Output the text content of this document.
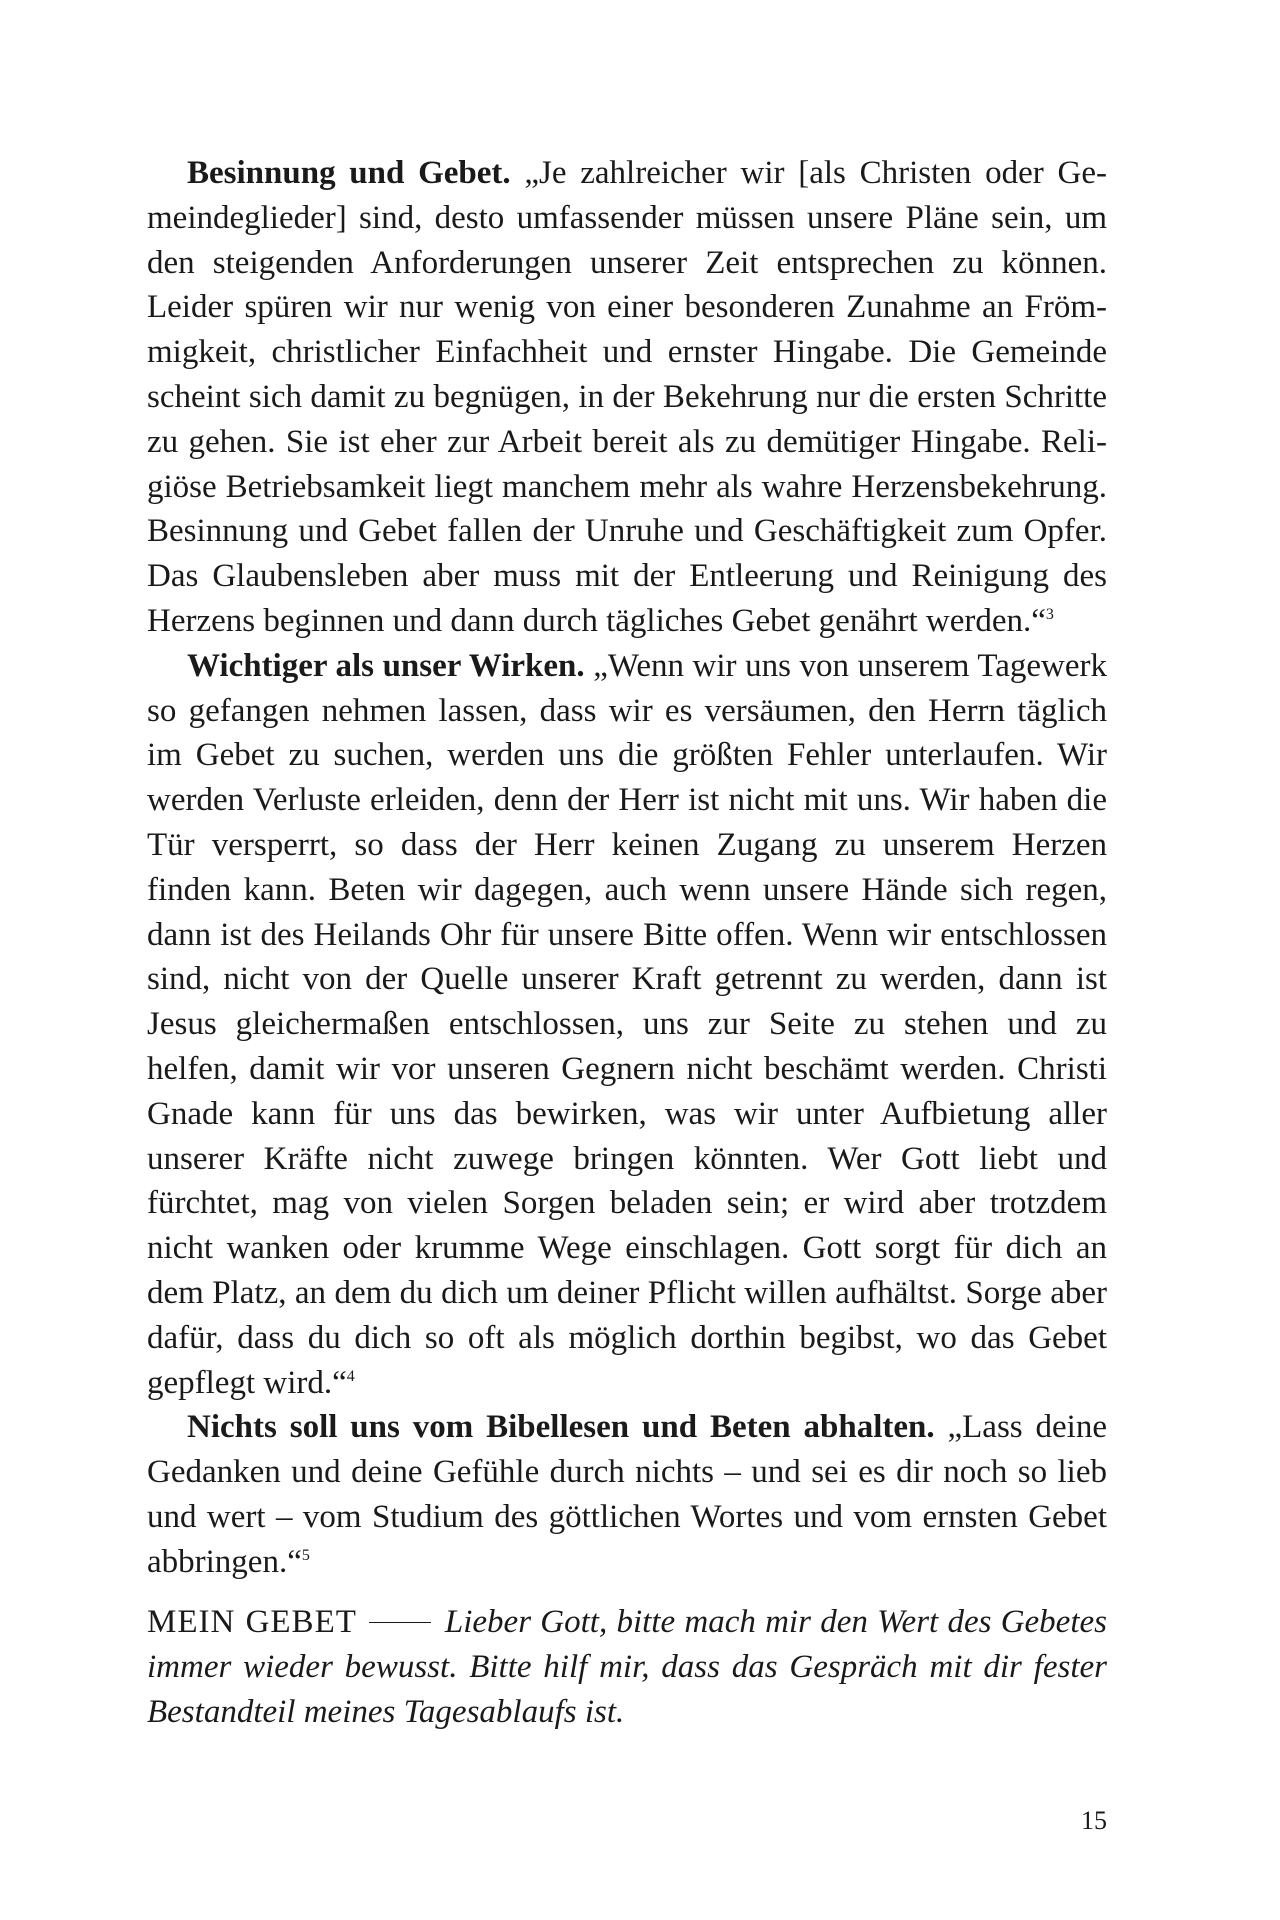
Besinnung und Gebet. „Je zahlreicher wir [als Christen oder Gemeindeglieder] sind, desto umfassender müssen unsere Pläne sein, um den steigenden Anforderungen unserer Zeit entsprechen zu können. Leider spüren wir nur wenig von einer besonderen Zunahme an Frömmigkeit, christlicher Einfachheit und ernster Hingabe. Die Gemeinde scheint sich damit zu begnügen, in der Bekehrung nur die ersten Schritte zu gehen. Sie ist eher zur Arbeit bereit als zu demütiger Hingabe. Religiöse Betriebsamkeit liegt manchem mehr als wahre Herzensbekehrung. Besinnung und Gebet fallen der Unruhe und Geschäftigkeit zum Opfer. Das Glaubensleben aber muss mit der Entleerung und Reinigung des Herzens beginnen und dann durch tägliches Gebet genährt werden.“$^3$

Wichtiger als unser Wirken. „Wenn wir uns von unserem Tagewerk so gefangen nehmen lassen, dass wir es versäumen, den Herrn täglich im Gebet zu suchen, werden uns die größten Fehler unterlaufen. Wir werden Verluste erleiden, denn der Herr ist nicht mit uns. Wir haben die Tür versperrt, so dass der Herr keinen Zugang zu unserem Herzen finden kann. Beten wir dagegen, auch wenn unsere Hände sich regen, dann ist des Heilands Ohr für unsere Bitte offen. Wenn wir entschlossen sind, nicht von der Quelle unserer Kraft getrennt zu werden, dann ist Jesus gleichermaßen entschlossen, uns zur Seite zu stehen und zu helfen, damit wir vor unseren Gegnern nicht beschämt werden. Christi Gnade kann für uns das bewirken, was wir unter Aufbietung aller unserer Kräfte nicht zuwege bringen könnten. Wer Gott liebt und fürchtet, mag von vielen Sorgen beladen sein; er wird aber trotzdem nicht wanken oder krumme Wege einschlagen. Gott sorgt für dich an dem Platz, an dem du dich um deiner Pflicht willen aufhältst. Sorge aber dafür, dass du dich so oft als möglich dorthin begibst, wo das Gebet gepflegt wird.“$^4$

Nichts soll uns vom Bibellesen und Beten abhalten. „Lass deine Gedanken und deine Gefühle durch nichts – und sei es dir noch so lieb und wert – vom Studium des göttlichen Wortes und vom ernsten Gebet abbringen.“$^5$

MEIN GEBET	Lieber Gott, bitte mach mir den Wert des Gebetes immer wieder bewusst. Bitte hilf mir, dass das Gespräch mit dir fester Bestandteil meines Tagesablaufs ist.

15
